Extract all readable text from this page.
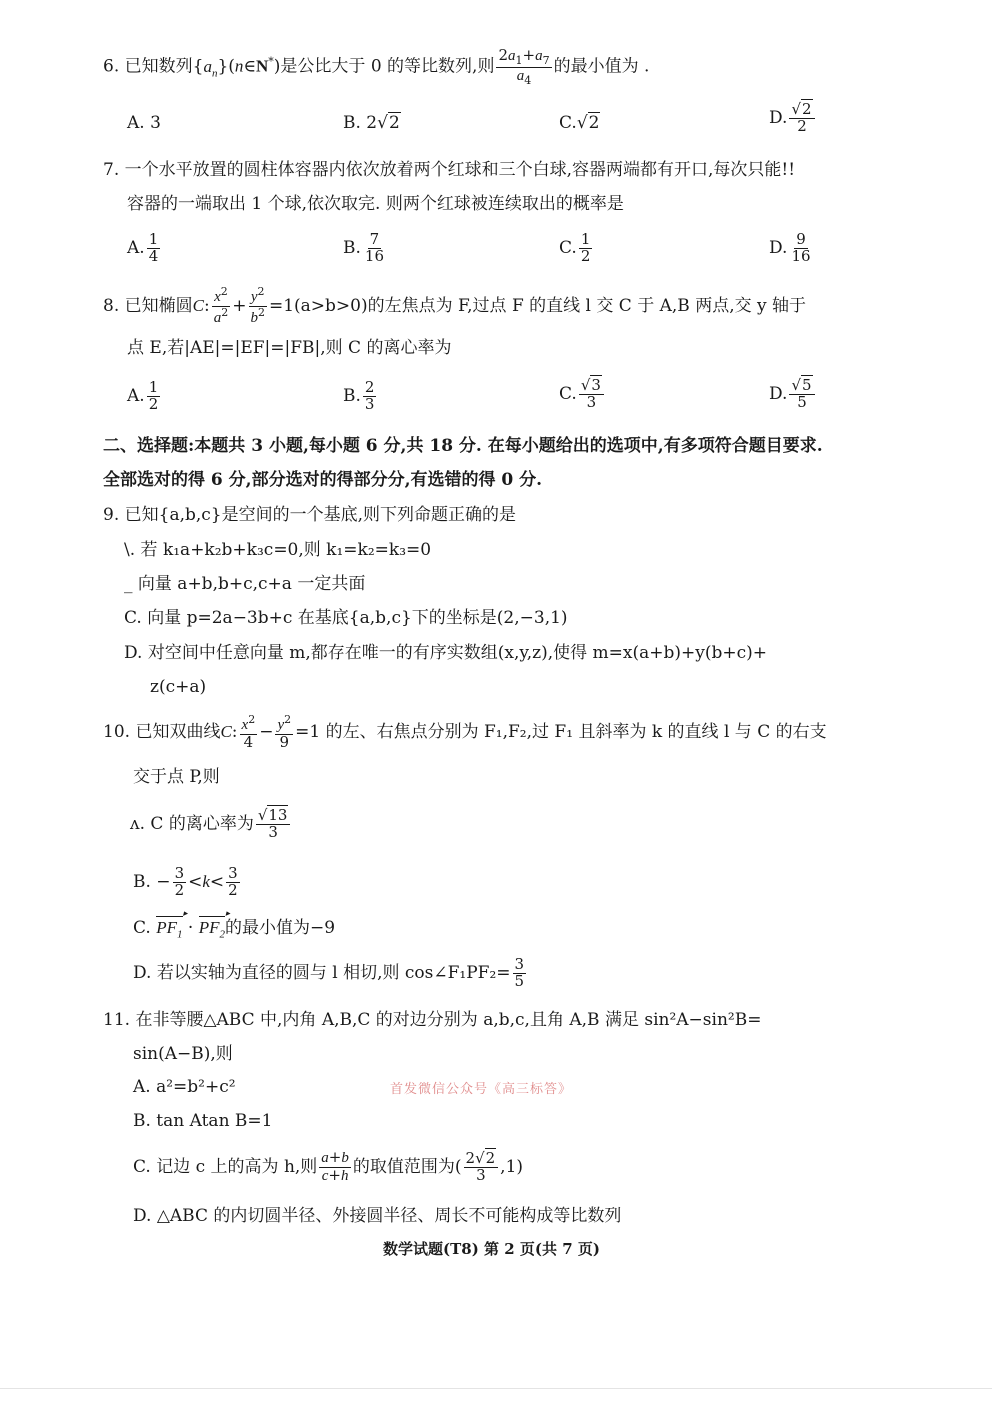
6. 已知数列$\{a_n\}(n\in N^*)$是公比大于 0 的等比数列,则 $\frac{2a_1+a_7}{a_4}$ 的最小值为 .
A. 3	B. 2√2	C.√2	D. $\frac{√2}{2}$
7. 一个水平放置的圆柱体容器内依次放着两个红球和三个白球,容器两端都有开口,每次只能!!
容器的一端取出 1 个球,依次取完. 则两个红球被连续取出的概率是
A. $\frac{1}{4}$	B. $\frac{7}{16}$	C. $\frac{1}{2}$	D. $\frac{9}{16}$
8. 已知椭圆C: $\frac{x^2}{a^2} + \frac{y^2}{b^2} =1(a>b>0)$的左焦点为 F,过点 F 的直线 l 交 C 于 A,B 两点,交 y 轴于
点 E,若|AE|=|EF|=|FB|,则 C 的离心率为
A. $\frac{1}{2}$	B. $\frac{2}{3}$	C. $\frac{√3}{3}$	D. $\frac{√5}{5}$
二、选择题:本题共 3 小题,每小题 6 分,共 18 分. 在每小题给出的选项中,有多项符合题目要求.
全部选对的得 6 分,部分选对的得部分分,有选错的得 0 分.
9. 已知{a,b,c}是空间的一个基底,则下列命题正确的是
\. 若 k₁a+k₂b+k₃c=0,则 k₁=k₂=k₃=0
_ 向量 a+b,b+c,c+a 一定共面
C. 向量 p=2a−3b+c 在基底{a,b,c}下的坐标是(2,−3,1)
D. 对空间中任意向量 m,都存在唯一的有序实数组(x,y,z),使得 m=x(a+b)+y(b+c)+
z(c+a)
10. 已知双曲线C: $\frac{x^2}{4} - \frac{y^2}{9} =1$ 的左、右焦点分别为 F₁,F₂,过 F₁ 且斜率为 k 的直线 l 与 C 的右支
交于点 P,则
ᴧ. C 的离心率为 $\frac{√13}{3}$
B. − $\frac{3}{2} <k< \frac{3}{2}$
C. $PF_1$ ▸ · $PF_2$ ▸的最小值为−9
D. 若以实轴为直径的圆与 l 相切,则 cos∠F₁PF₂= $\frac{3}{5}$
11. 在非等腰△ABC 中,内角 A,B,C 的对边分别为 a,b,c,且角 A,B 满足 sin²A−sin²B=
sin(A−B),则
A. a²=b²+c²	首发微信公众号《高三标答》
B. tan Atan B=1
C. 记边 c 上的高为 h,则 $\frac{a+b}{c+h}$ 的取值范围为( $\frac{2√2}{3} ,1$)
D. △ABC 的内切圆半径、外接圆半径、周长不可能构成等比数列
数学试题(T8) 第 2 页(共 7 页)
